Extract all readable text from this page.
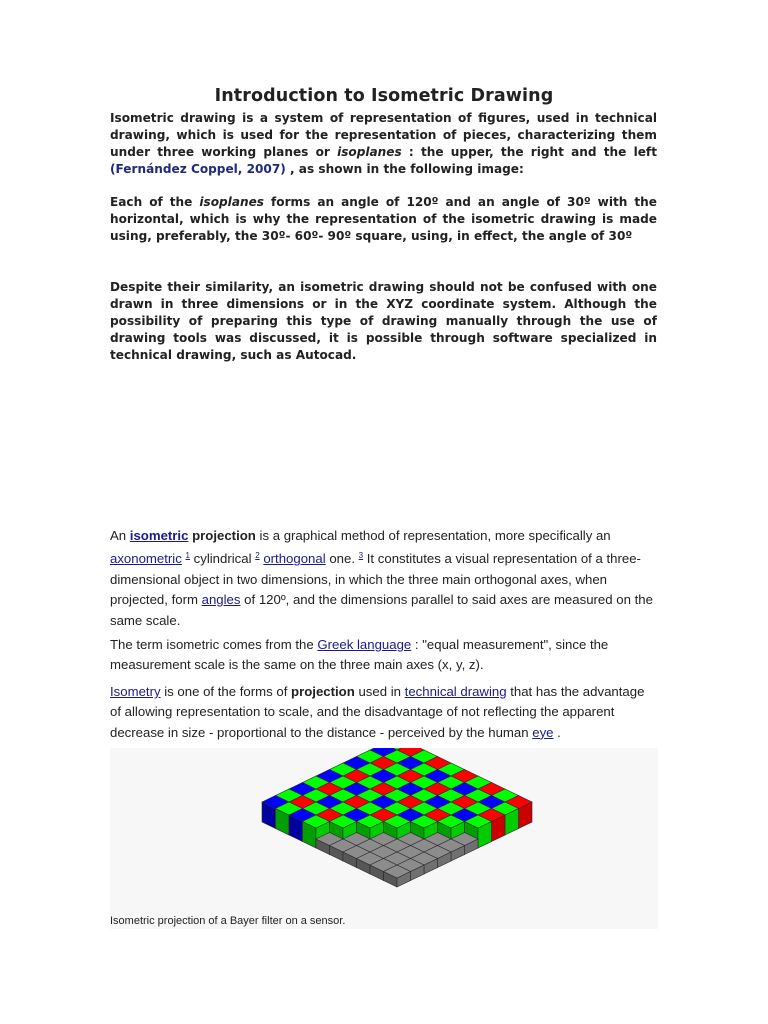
Introduction to Isometric Drawing

Isometric drawing is a system of representation of figures, used in technical drawing, which is used for the representation of pieces, characterizing them under three working planes or isoplanes : the upper, the right and the left (Fernández Coppel, 2007) , as shown in the following image:

Each of the isoplanes forms an angle of 120º and an angle of 30º with the horizontal, which is why the representation of the isometric drawing is made using, preferably, the 30º- 60º- 90º square, using, in effect, the angle of 30º

Despite their similarity, an isometric drawing should not be confused with one drawn in three dimensions or in the XYZ coordinate system. Although the possibility of preparing this type of drawing manually through the use of drawing tools was discussed, it is possible through software specialized in technical drawing, such as Autocad.

An isometric projection is a graphical method of representation, more specifically an axonometric $^1$ cylindrical $^2$ orthogonal one. $^3$ It constitutes a visual representation of a three-dimensional object in two dimensions, in which the three main orthogonal axes, when projected, form angles of 120º, and the dimensions parallel to said axes are measured on the same scale.

The term isometric comes from the Greek language : "equal measurement", since the measurement scale is the same on the three main axes (x, y, z).

Isometry is one of the forms of projection used in technical drawing that has the advantage of allowing representation to scale, and the disadvantage of not reflecting the apparent decrease in size - proportional to the distance - perceived by the human eye .

Isometric projection of a Bayer filter on a sensor.
